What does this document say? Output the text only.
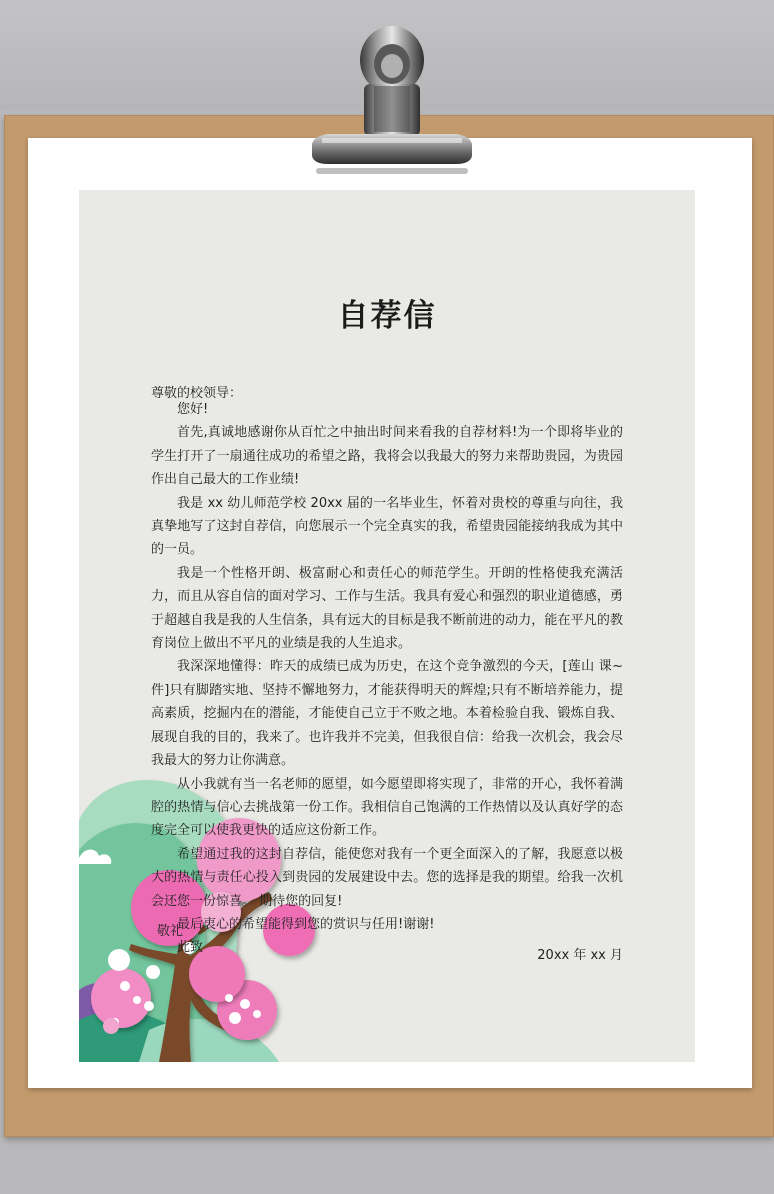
自荐信
尊敬的校领导：

您好!

首先,真诚地感谢你从百忙之中抽出时间来看我的自荐材料!为一个即将毕业的学生打开了一扇通往成功的希望之路，我将会以我最大的努力来帮助贵园，为贵园作出自己最大的工作业绩!

我是 xx 幼儿师范学校 20xx 届的一名毕业生，怀着对贵校的尊重与向往，我真挚地写了这封自荐信，向您展示一个完全真实的我，希望贵园能接纳我成为其中的一员。

我是一个性格开朗、极富耐心和责任心的师范学生。开朗的性格使我充满活力，而且从容自信的面对学习、工作与生活。我具有爱心和强烈的职业道德感，勇于超越自我是我的人生信条，具有远大的目标是我不断前进的动力，能在平凡的教育岗位上做出不平凡的业绩是我的人生追求。

我深深地懂得：昨天的成绩已成为历史，在这个竞争激烈的今天，[莲山 课~件]只有脚踏实地、坚持不懈地努力，才能获得明天的辉煌;只有不断培养能力，提高素质，挖掘内在的潜能，才能使自己立于不败之地。本着检验自我、锻炼自我、展现自我的目的，我来了。也许我并不完美，但我很自信：给我一次机会，我会尽我最大的努力让你满意。

从小我就有当一名老师的愿望，如今愿望即将实现了，非常的开心，我怀着满腔的热情与信心去挑战第一份工作。我相信自己饱满的工作热情以及认真好学的态度完全可以使我更快的适应这份新工作。

希望通过我的这封自荐信，能使您对我有一个更全面深入的了解，我愿意以极大的热情与责任心投入到贵园的发展建设中去。您的选择是我的期望。给我一次机会还您一份惊喜。 期待您的回复!

最后衷心的希望能得到您的赏识与任用!谢谢!

此致

敬礼
20xx 年 xx 月
